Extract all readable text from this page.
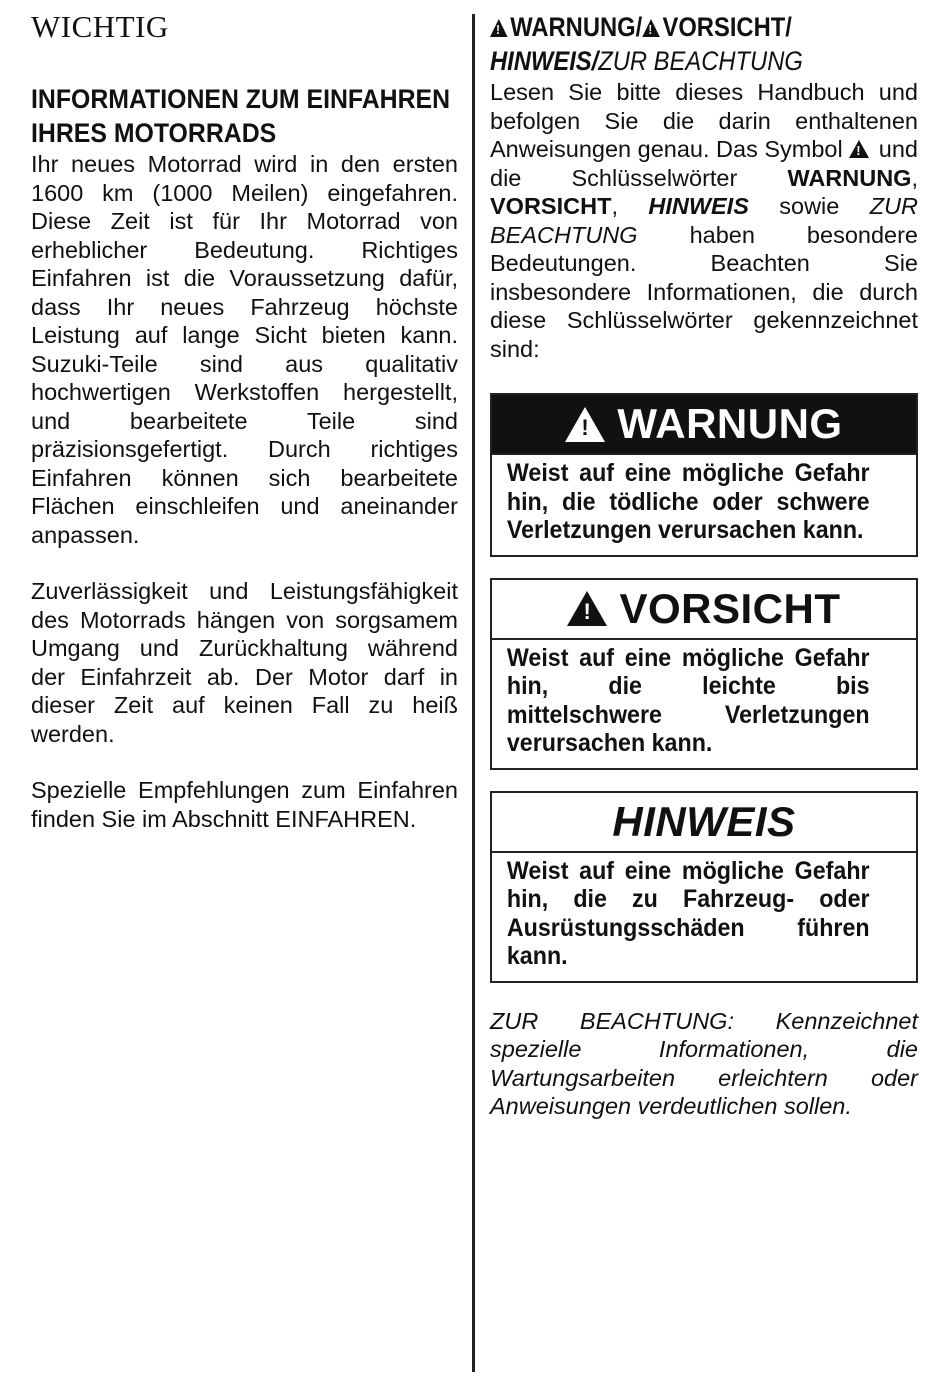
WICHTIG
INFORMATIONEN ZUM EINFAHREN
IHRES MOTORRADS

Ihr neues Motorrad wird in den ersten 1600 km (1000 Meilen) eingefahren. Diese Zeit ist für Ihr Motorrad von erheblicher Bedeutung. Richtiges Einfahren ist die Voraussetzung dafür, dass Ihr neues Fahrzeug höchste Leistung auf lange Sicht bieten kann. Suzuki-Teile sind aus qualitativ hochwertigen Werkstoffen hergestellt, und bearbeitete Teile sind präzisionsgefertigt. Durch richtiges Einfahren können sich bearbeitete Flächen einschleifen und aneinander anpassen.

Zuverlässigkeit und Leistungsfähigkeit des Motorrads hängen von sorgsamem Umgang und Zurückhaltung während der Einfahrzeit ab. Der Motor darf in dieser Zeit auf keinen Fall zu heiß werden.

Spezielle Empfehlungen zum Einfahren finden Sie im Abschnitt EINFAHREN.

!WARNUNG/! VORSICHT/
HINWEIS/ZUR BEACHTUNG

Lesen Sie bitte dieses Handbuch und befolgen Sie die darin enthaltenen Anweisungen genau. Das Symbol ! und die Schlüsselwörter WARNUNG, VORSICHT, HINWEIS sowie ZUR BEACHTUNG haben besondere Bedeutungen. Beachten Sie insbesondere Informationen, die durch diese Schlüsselwörter gekennzeichnet sind:

!
WARNUNG
Weist auf eine mögliche Gefahr hin, die tödliche oder schwere Verletzungen verursachen kann.
!
VORSICHT
Weist auf eine mögliche Gefahr hin, die leichte bis mittelschwere Verletzungen verursachen kann.
HINWEIS
Weist auf eine mögliche Gefahr hin, die zu Fahrzeug- oder Ausrüstungsschäden führen kann.

ZUR BEACHTUNG: Kennzeichnet spezielle Informationen, die Wartungsarbeiten erleichtern oder Anweisungen verdeutlichen sollen.
